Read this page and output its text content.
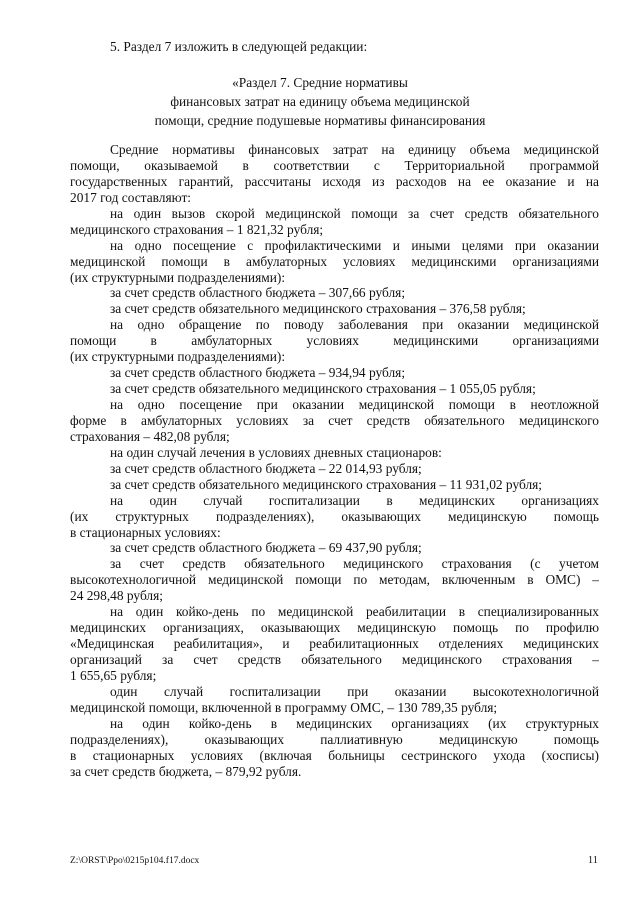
5. Раздел 7 изложить в следующей редакции:
«Раздел 7. Средние нормативы
финансовых затрат на единицу объема медицинской
помощи, средние подушевые нормативы финансирования
Средние нормативы финансовых затрат на единицу объема медицинской
помощи, оказываемой в соответствии с Территориальной программой
государственных гарантий, рассчитаны исходя из расходов на ее оказание и на
2017 год составляют:
на один вызов скорой медицинской помощи за счет средств обязательного
медицинского страхования – 1 821,32 рубля;
на одно посещение с профилактическими и иными целями при оказании
медицинской помощи в амбулаторных условиях медицинскими организациями
(их структурными подразделениями):
за счет средств областного бюджета – 307,66 рубля;
за счет средств обязательного медицинского страхования – 376,58 рубля;
на одно обращение по поводу заболевания при оказании медицинской
помощи в амбулаторных условиях медицинскими организациями
(их структурными подразделениями):
за счет средств областного бюджета – 934,94 рубля;
за счет средств обязательного медицинского страхования – 1 055,05 рубля;
на одно посещение при оказании медицинской помощи в неотложной
форме в амбулаторных условиях за счет средств обязательного медицинского
страхования – 482,08 рубля;
на один случай лечения в условиях дневных стационаров:
за счет средств областного бюджета – 22 014,93 рубля;
за счет средств обязательного медицинского страхования – 11 931,02 рубля;
на один случай госпитализации в медицинских организациях
(их структурных подразделениях), оказывающих медицинскую помощь
в стационарных условиях:
за счет средств областного бюджета – 69 437,90 рубля;
за счет средств обязательного медицинского страхования (с учетом
высокотехнологичной медицинской помощи по методам, включенным в ОМС) –
24 298,48 рубля;
на один койко-день по медицинской реабилитации в специализированных
медицинских организациях, оказывающих медицинскую помощь по профилю
«Медицинская реабилитация», и реабилитационных отделениях медицинских
организаций за счет средств обязательного медицинского страхования –
1 655,65 рубля;
один случай госпитализации при оказании высокотехнологичной
медицинской помощи, включенной в программу ОМС, – 130 789,35 рубля;
на один койко-день в медицинских организациях (их структурных
подразделениях), оказывающих паллиативную медицинскую помощь
в стационарных условиях (включая больницы сестринского ухода (хосписы)
за счет средств бюджета, – 879,92 рубля.
Z:\ORST\Ppo\0215p104.f17.docx	11
